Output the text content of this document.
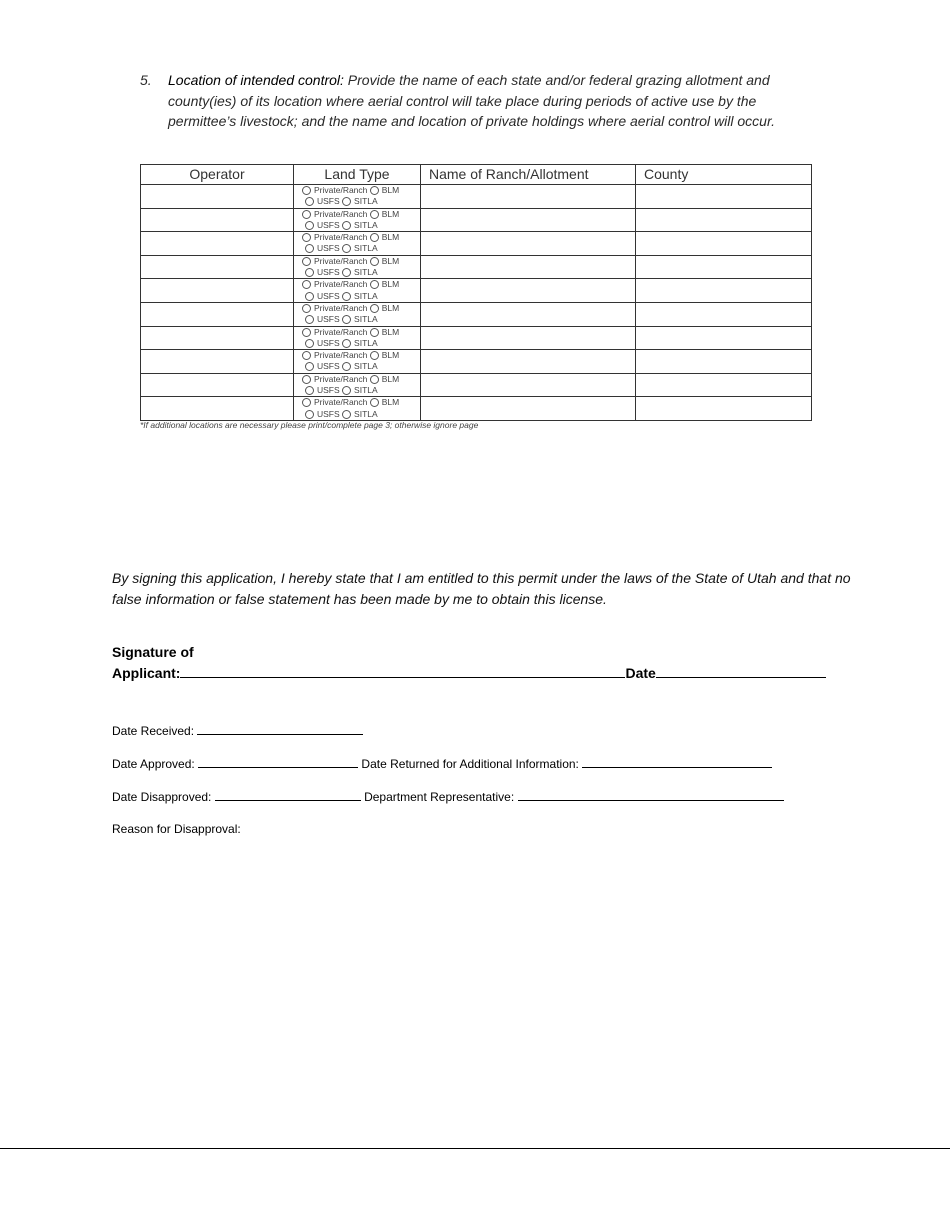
5. Location of intended control: Provide the name of each state and/or federal grazing allotment and county(ies) of its location where aerial control will take place during periods of active use by the permittee’s livestock; and the name and location of private holdings where aerial control will occur.
Operator	Land Type	Name of Ranch/Allotment	County

	Private/Ranch BLM
USFS SITLA		

	Private/Ranch BLM
USFS SITLA		

	Private/Ranch BLM
USFS SITLA		

	Private/Ranch BLM
USFS SITLA		

	Private/Ranch BLM
USFS SITLA		

	Private/Ranch BLM
USFS SITLA		

	Private/Ranch BLM
USFS SITLA		

	Private/Ranch BLM
USFS SITLA		

	Private/Ranch BLM
USFS SITLA		

	Private/Ranch BLM
USFS SITLA		

*If additional locations are necessary please print/complete page 3; otherwise ignore page
By signing this application, I hereby state that I am entitled to this permit under the laws of the State of Utah and that no false information or false statement has been made by me to obtain this license.
Signature of
Applicant:	Date
Date Received:
Date Approved:	Date Returned for Additional Information:
Date Disapproved:	Department Representative:
Reason for Disapproval:
